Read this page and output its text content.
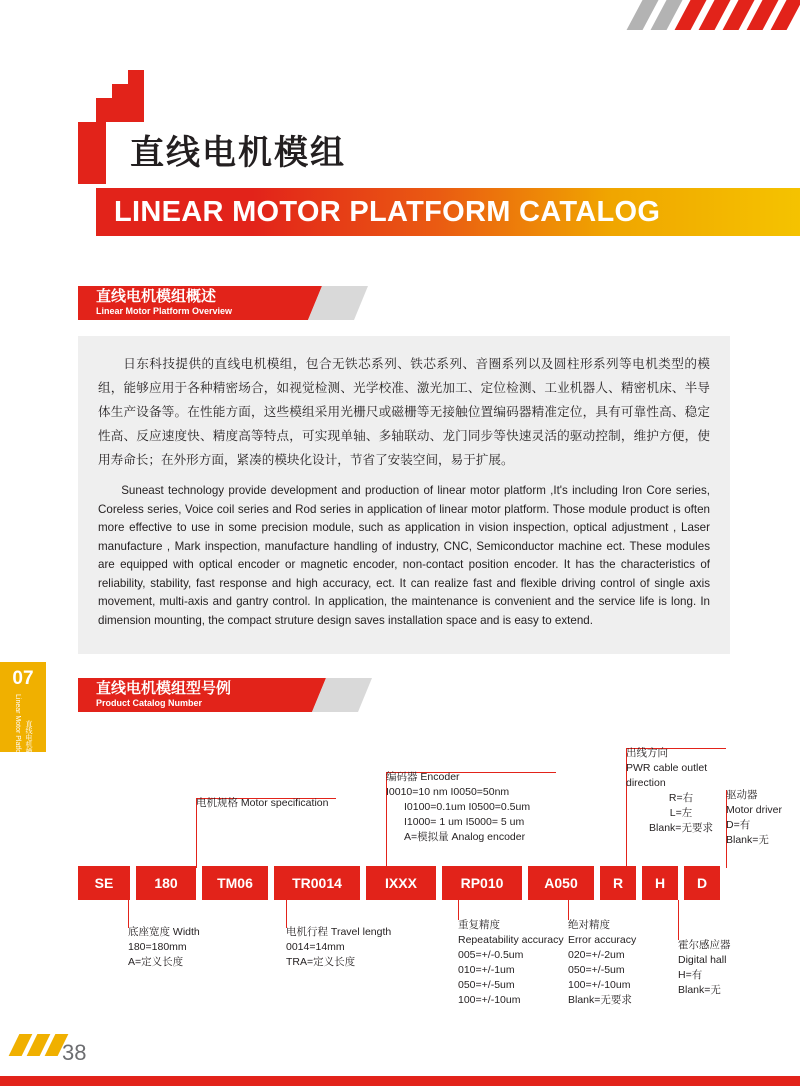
直线电机模组
LINEAR MOTOR PLATFORM CATALOG
直线电机模组概述
Linear Motor Platform Overview

日东科技提供的直线电机模组，包合无铁芯系列、铁芯系列、音圈系列以及圆柱形系列等电机类型的模组，能够应用于各种精密场合，如视觉检测、光学校准、激光加工、定位检测、工业机器人、精密机床、半导体生产设备等。在性能方面，这些模组采用光栅尺或磁栅等无接触位置编码器精准定位，具有可靠性高、稳定性高、反应速度快、精度高等特点，可实现单轴、多轴联动、龙门同步等快速灵活的驱动控制，维护方便，使用寿命长；在外形方面，紧凑的模块化设计，节省了安装空间，易于扩展。

Suneast technology provide development and production of linear motor platform ,It's including Iron Core series, Coreless series, Voice coil series and Rod series in application of linear motor platform. Those module product is often more effective to use in some precision module, such as application in vision inspection, optical adjustment , Laser manufacture , Mark inspection, manufacture handling of industry, CNC, Semiconductor machine ect. These modules are equipped with optical encoder or magnetic encoder, non-contact position encoder. It has the characteristics of reliability, stability, fast response and high accuracy, ect. It can realize fast and flexible driving control of single axis movement, multi-axis and gantry control. In application, the maintenance is convenient and the service life is long. In dimension mounting, the compact struture design saves installation space and is easy to extend.

07
Linear Motor Platform Catalog 直线电机模组
直线电机模组型号例
Product Catalog Number
SE	180	TM06	TR0014	IXXX	RP010	A050	R	H	D
编码器 Encoder
I0010=10 nm I0050=50nm
I0100=0.1um I0500=0.5um
I1000= 1 um I5000= 5 um
A=模拟量 Analog encoder
出线方向
PWR cable outlet
direction
R=右
L=左
Blank=无要求
驱动器
Motor driver
D=有
Blank=无
电机规格 Motor specification
底座宽度 Width
180=180mm
A=定义长度
电机行程 Travel length
0014=14mm
TRA=定义长度
重复精度
Repeatability accuracy
005=+/-0.5um
010=+/-1um
050=+/-5um
100=+/-10um
绝对精度
Error accuracy
020=+/-2um
050=+/-5um
100=+/-10um
Blank=无要求
霍尔感应器
Digital hall
H=有
Blank=无
38
